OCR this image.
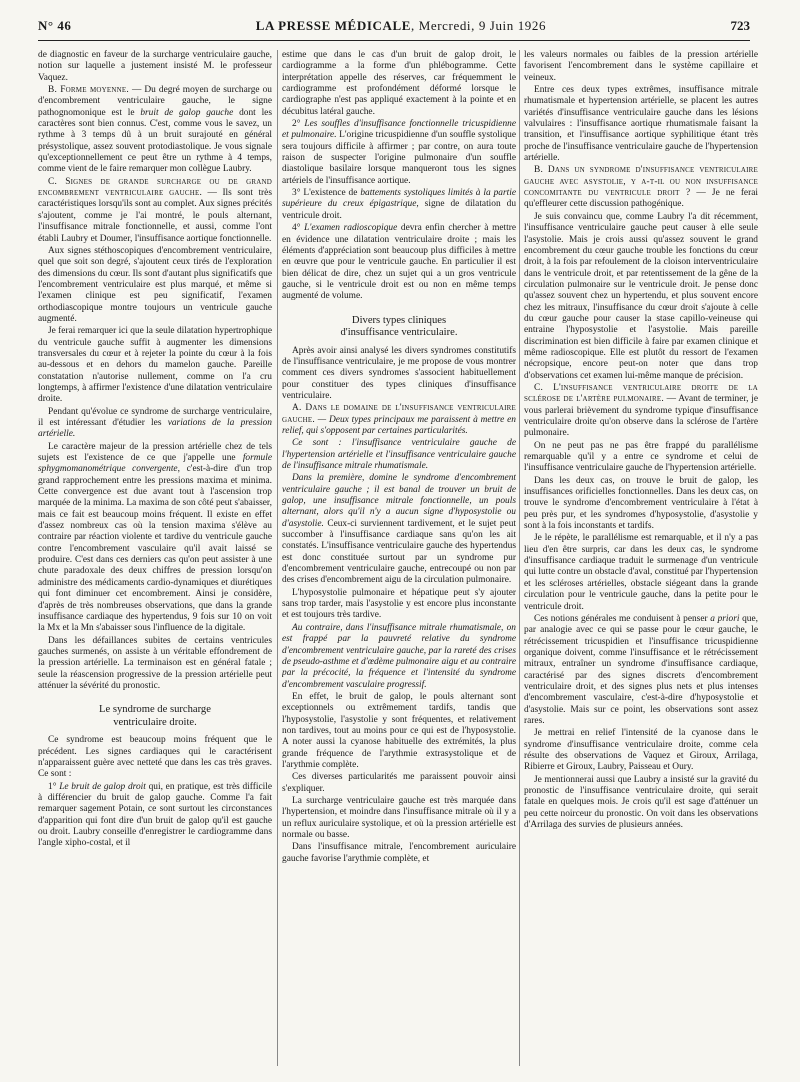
N° 46	LA PRESSE MÉDICALE, Mercredi, 9 Juin 1926	723

de diagnostic en faveur de la surcharge ventriculaire gauche, notion sur laquelle a justement insisté M. le professeur Vaquez.

B. Forme moyenne. — Du degré moyen de surcharge ou d'encombrement ventriculaire gauche, le signe pathognomonique est le bruit de galop gauche dont les caractères sont bien connus. C'est, comme vous le savez, un rythme à 3 temps dû à un bruit surajouté en général présystolique, assez souvent protodiastolique. Je vous signale qu'exceptionnellement ce peut être un rythme à 4 temps, comme vient de le faire remarquer mon collègue Laubry.

C. Signes de grande surcharge ou de grand encombrement ventriculaire gauche. — Ils sont très caractéristiques lorsqu'ils sont au complet. Aux signes précités s'ajoutent, comme je l'ai montré, le pouls alternant, l'insuffisance mitrale fonctionnelle, et aussi, comme l'ont établi Laubry et Doumer, l'insuffisance aortique fonctionnelle.

Aux signes stéthoscopiques d'encombrement ventriculaire, quel que soit son degré, s'ajoutent ceux tirés de l'exploration des dimensions du cœur. Ils sont d'autant plus significatifs que l'encombrement ventriculaire est plus marqué, et même si l'examen clinique est peu significatif, l'examen orthodiascopique montre toujours un ventricule gauche augmenté.

Je ferai remarquer ici que la seule dilatation hypertrophique du ventricule gauche suffit à augmenter les dimensions transversales du cœur et à rejeter la pointe du cœur à la fois au-dessous et en dehors du mamelon gauche. Pareille constatation n'autorise nullement, comme on l'a cru longtemps, à affirmer l'existence d'une dilatation ventriculaire droite.

Pendant qu'évolue ce syndrome de surcharge ventriculaire, il est intéressant d'étudier les variations de la pression artérielle.

Le caractère majeur de la pression artérielle chez de tels sujets est l'existence de ce que j'appelle une formule sphygmomanométrique convergente, c'est-à-dire d'un trop grand rapprochement entre les pressions maxima et minima. Cette convergence est due avant tout à l'ascension trop marquée de la minima. La maxima de son côté peut s'abaisser, mais ce fait est beaucoup moins fréquent. Il existe en effet d'assez nombreux cas où la tension maxima s'élève au contraire par réaction violente et tardive du ventricule gauche contre l'encombrement vasculaire qu'il avait laissé se produire. C'est dans ces derniers cas qu'on peut assister à une chute paradoxale des deux chiffres de pression lorsqu'on administre des médicaments cardio-dynamiques et diurétiques qui font diminuer cet encombrement. Ainsi je considère, d'après de très nombreuses observations, que dans la grande insuffisance cardiaque des hypertendus, 9 fois sur 10 on voit la Mx et la Mn s'abaisser sous l'influence de la digitale.

Dans les défaillances subites de certains ventricules gauches surmenés, on assiste à un véritable effondrement de la pression artérielle. La terminaison est en général fatale ; seule la réascension progressive de la pression artérielle peut atténuer la sévérité du pronostic.

Le syndrome de surcharge
ventriculaire droite.

Ce syndrome est beaucoup moins fréquent que le précédent. Les signes cardiaques qui le caractérisent n'apparaissent guère avec netteté que dans les cas très graves. Ce sont :

1° Le bruit de galop droit qui, en pratique, est très difficile à différencier du bruit de galop gauche. Comme l'a fait remarquer sagement Potain, ce sont surtout les circonstances d'apparition qui font dire d'un bruit de galop qu'il est gauche ou droit. Laubry conseille d'enregistrer le cardiogramme dans l'angle xipho-costal, et il

estime que dans le cas d'un bruit de galop droit, le cardiogramme a la forme d'un phlébogramme. Cette interprétation appelle des réserves, car fréquemment le cardiogramme est profondément déformé lorsque le cardiographe n'est pas appliqué exactement à la pointe et en décubitus latéral gauche.

2° Les souffles d'insuffisance fonctionnelle tricuspidienne et pulmonaire. L'origine tricuspidienne d'un souffle systolique sera toujours difficile à affirmer ; par contre, on aura toute raison de suspecter l'origine pulmonaire d'un souffle diastolique basilaire lorsque manqueront tous les signes artériels de l'insuffisance aortique.

3° L'existence de battements systoliques limités à la partie supérieure du creux épigastrique, signe de dilatation du ventricule droit.

4° L'examen radioscopique devra enfin chercher à mettre en évidence une dilatation ventriculaire droite ; mais les éléments d'appréciation sont beaucoup plus difficiles à mettre en œuvre que pour le ventricule gauche. En particulier il est bien délicat de dire, chez un sujet qui a un gros ventricule gauche, si le ventricule droit est ou non en même temps augmenté de volume.

Divers types cliniques
d'insuffisance ventriculaire.

Après avoir ainsi analysé les divers syndromes constitutifs de l'insuffisance ventriculaire, je me propose de vous montrer comment ces divers syndromes s'associent habituellement pour constituer des types cliniques d'insuffisance ventriculaire.

A. Dans le domaine de l'insuffisance ventriculaire gauche. — Deux types principaux me paraissent à mettre en relief, qui s'opposent par certaines particularités.

Ce sont : l'insuffisance ventriculaire gauche de l'hypertension artérielle et l'insuffisance ventriculaire gauche de l'insuffisance mitrale rhumatismale.

Dans la première, domine le syndrome d'encombrement ventriculaire gauche ; il est banal de trouver un bruit de galop, une insuffisance mitrale fonctionnelle, un pouls alternant, alors qu'il n'y a aucun signe d'hyposystolie ou d'asystolie. Ceux-ci surviennent tardivement, et le sujet peut succomber à l'insuffisance cardiaque sans qu'on les ait constatés. L'insuffisance ventriculaire gauche des hypertendus est donc constituée surtout par un syndrome pur d'encombrement ventriculaire gauche, entrecoupé ou non par des crises d'encombrement aigu de la circulation pulmonaire.

L'hyposystolie pulmonaire et hépatique peut s'y ajouter sans trop tarder, mais l'asystolie y est encore plus inconstante et est toujours très tardive.

Au contraire, dans l'insuffisance mitrale rhumatismale, on est frappé par la pauvreté relative du syndrome d'encombrement ventriculaire gauche, par la rareté des crises de pseudo-asthme et d'œdème pulmonaire aigu et au contraire par la précocité, la fréquence et l'intensité du syndrome d'encombrement vasculaire progressif.

En effet, le bruit de galop, le pouls alternant sont exceptionnels ou extrêmement tardifs, tandis que l'hyposystolie, l'asystolie y sont fréquentes, et relativement non tardives, tout au moins pour ce qui est de l'hyposystolie. A noter aussi la cyanose habituelle des extrémités, la plus grande fréquence de l'arythmie extrasystolique et de l'arythmie complète.

Ces diverses particularités me paraissent pouvoir ainsi s'expliquer.

La surcharge ventriculaire gauche est très marquée dans l'hypertension, et moindre dans l'insuffisance mitrale où il y a un reflux auriculaire systolique, et où la pression artérielle est normale ou basse.

Dans l'insuffisance mitrale, l'encombrement auriculaire gauche favorise l'arythmie complète, et

les valeurs normales ou faibles de la pression artérielle favorisent l'encombrement dans le système capillaire et veineux.

Entre ces deux types extrêmes, insuffisance mitrale rhumatismale et hypertension artérielle, se placent les autres variétés d'insuffisance ventriculaire gauche dans les lésions valvulaires : l'insuffisance aortique rhumatismale faisant la transition, et l'insuffisance aortique syphilitique étant très proche de l'insuffisance ventriculaire gauche de l'hypertension artérielle.

B. Dans un syndrome d'insuffisance ventriculaire gauche avec asystolie, y a-t-il ou non insuffisance concomitante du ventricule droit ? — Je ne ferai qu'effleurer cette discussion pathogénique.

Je suis convaincu que, comme Laubry l'a dit récemment, l'insuffisance ventriculaire gauche peut causer à elle seule l'asystolie. Mais je crois aussi qu'assez souvent le grand encombrement du cœur gauche trouble les fonctions du cœur droit, à la fois par refoulement de la cloison interventriculaire dans le ventricule droit, et par retentissement de la gêne de la circulation pulmonaire sur le ventricule droit. Je pense donc qu'assez souvent chez un hypertendu, et plus souvent encore chez les mitraux, l'insuffisance du cœur droit s'ajoute à celle du cœur gauche pour causer la stase capillo-veineuse qui entraine l'hyposystolie et l'asystolie. Mais pareille discrimination est bien difficile à faire par examen clinique et même radioscopique. Elle est plutôt du ressort de l'examen nécropsique, encore peut-on noter que dans trop d'observations cet examen lui-même manque de précision.

C. L'insuffisance ventriculaire droite de la sclérose de l'artère pulmonaire. — Avant de terminer, je vous parlerai brièvement du syndrome typique d'insuffisance ventriculaire droite qu'on observe dans la sclérose de l'artère pulmonaire.

On ne peut pas ne pas être frappé du parallélisme remarquable qu'il y a entre ce syndrome et celui de l'insuffisance ventriculaire gauche de l'hypertension artérielle.

Dans les deux cas, on trouve le bruit de galop, les insuffisances orificielles fonctionnelles. Dans les deux cas, on trouve le syndrome d'encombrement ventriculaire à l'état à peu près pur, et les syndromes d'hyposystolie, d'asystolie y sont à la fois inconstants et tardifs.

Je le répète, le parallélisme est remarquable, et il n'y a pas lieu d'en être surpris, car dans les deux cas, le syndrome d'insuffisance cardiaque traduit le surmenage d'un ventricule qui lutte contre un obstacle d'aval, constitué par l'hypertension et les scléroses artérielles, obstacle siégeant dans la grande circulation pour le ventricule gauche, dans la petite pour le ventricule droit.

Ces notions générales me conduisent à penser a priori que, par analogie avec ce qui se passe pour le cœur gauche, le rétrécissement tricuspidien et l'insuffisance tricuspidienne organique doivent, comme l'insuffisance et le rétrécissement mitraux, entraîner un syndrome d'insuffisance cardiaque, caractérisé par des signes discrets d'encombrement ventriculaire droit, et des signes plus nets et plus intenses d'encombrement vasculaire, c'est-à-dire d'hyposystolie et d'asystolie. Mais sur ce point, les observations sont assez rares.

Je mettrai en relief l'intensité de la cyanose dans le syndrome d'insuffisance ventriculaire droite, comme cela résulte des observations de Vaquez et Giroux, Arrilaga, Ribierre et Giroux, Laubry, Paisseau et Oury.

Je mentionnerai aussi que Laubry a insisté sur la gravité du pronostic de l'insuffisance ventriculaire droite, qui serait fatale en quelques mois. Je crois qu'il est sage d'atténuer un peu cette noirceur du pronostic. On voit dans les observations d'Arrilaga des survies de plusieurs années.
